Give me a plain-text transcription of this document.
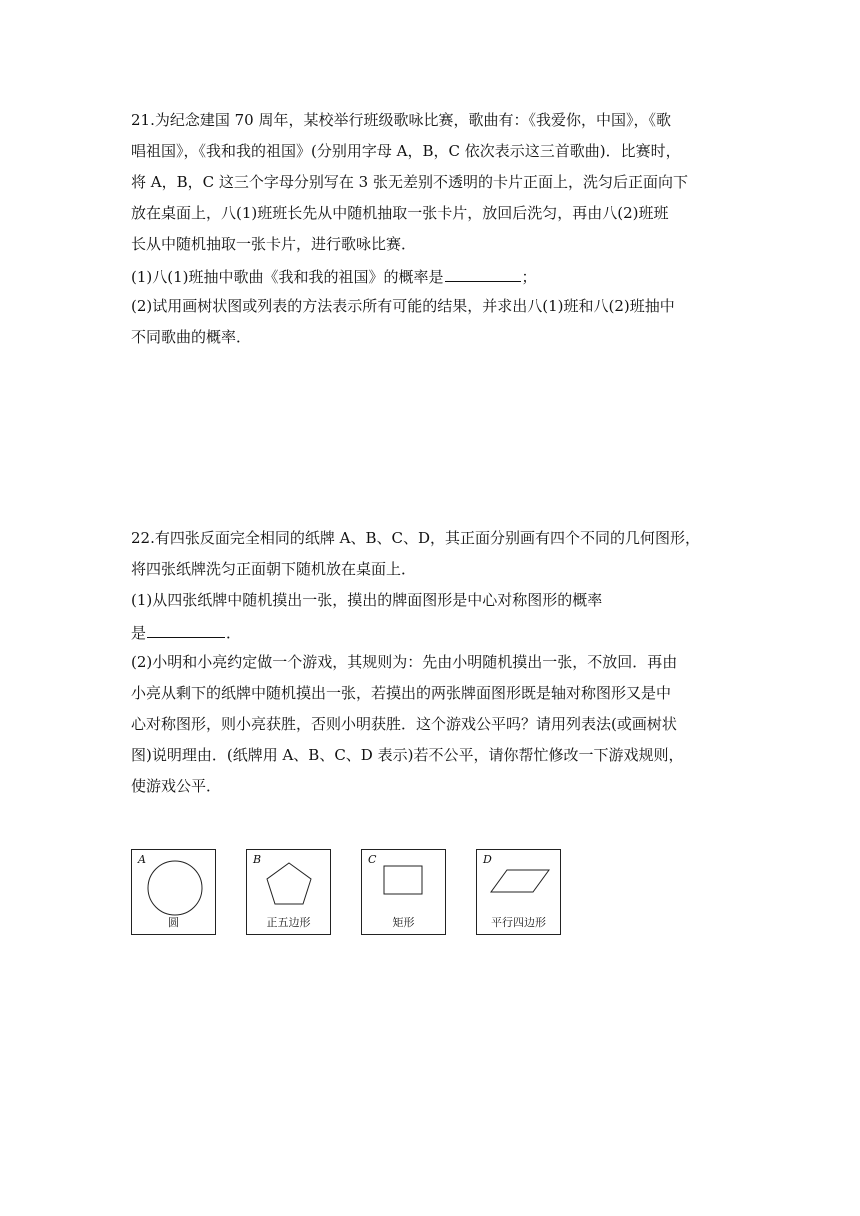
21.为纪念建国 70 周年，某校举行班级歌咏比赛，歌曲有：《我爱你，中国》，《歌
唱祖国》，《我和我的祖国》(分别用字母 A，B，C 依次表示这三首歌曲)．比赛时，
将 A，B，C 这三个字母分别写在 3 张无差别不透明的卡片正面上，洗匀后正面向下
放在桌面上，八(1)班班长先从中随机抽取一张卡片，放回后洗匀，再由八(2)班班
长从中随机抽取一张卡片，进行歌咏比赛．
(1)八(1)班抽中歌曲《我和我的祖国》的概率是	；
(2)试用画树状图或列表的方法表示所有可能的结果，并求出八(1)班和八(2)班抽中
不同歌曲的概率．
22.有四张反面完全相同的纸牌 A、B、C、D，其正面分别画有四个不同的几何图形，
将四张纸牌洗匀正面朝下随机放在桌面上．
(1)从四张纸牌中随机摸出一张，摸出的牌面图形是中心对称图形的概率
是	．
(2)小明和小亮约定做一个游戏，其规则为：先由小明随机摸出一张，不放回．再由
小亮从剩下的纸牌中随机摸出一张，若摸出的两张牌面图形既是轴对称图形又是中
心对称图形，则小亮获胜，否则小明获胜．这个游戏公平吗？请用列表法(或画树状
图)说明理由．(纸牌用 A、B、C、D 表示)若不公平，请你帮忙修改一下游戏规则，
使游戏公平．
A
圆
B
正五边形
C
矩形
D
平行四边形
